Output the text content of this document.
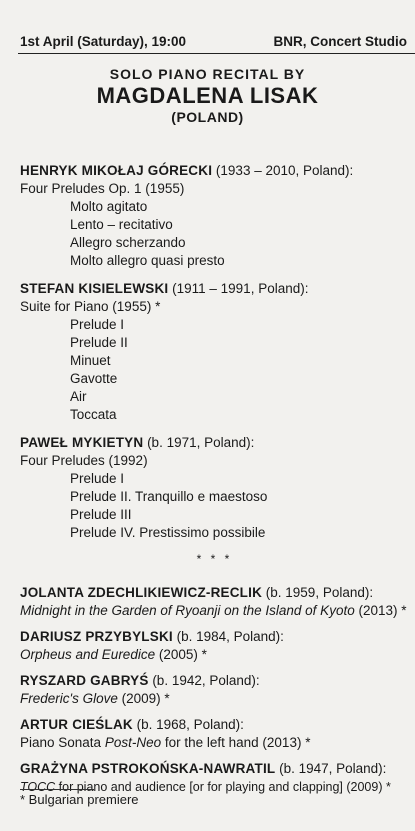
1st April (Saturday), 19:00	BNR, Concert Studio
SOLO PIANO RECITAL BY
MAGDALENA LISAK
(POLAND)
HENRYK MIKOŁAJ GÓRECKI (1933 – 2010, Poland):
Four Preludes Op. 1 (1955)
Molto agitato
Lento – recitativo
Allegro scherzando
Molto allegro quasi presto
STEFAN KISIELEWSKI (1911 – 1991, Poland):
Suite for Piano (1955) *
Prelude I
Prelude II
Minuet
Gavotte
Air
Toccata
PAWEŁ MYKIETYN (b. 1971, Poland):
Four Preludes (1992)
Prelude I
Prelude II. Tranquillo e maestoso
Prelude III
Prelude IV. Prestissimo possibile
* * *
JOLANTA ZDECHLIKIEWICZ-RECLIK (b. 1959, Poland):
Midnight in the Garden of Ryoanji on the Island of Kyoto (2013) *
DARIUSZ PRZYBYLSKI (b. 1984, Poland):
Orpheus and Euredice (2005) *
RYSZARD GABRYŚ (b. 1942, Poland):
Frederic's Glove (2009) *
ARTUR CIEŚLAK (b. 1968, Poland):
Piano Sonata Post-Neo for the left hand (2013) *
GRAŻYNA PSTROKOŃSKA-NAWRATIL (b. 1947, Poland):
TOCC for piano and audience [or for playing and clapping] (2009) *
* Bulgarian premiere
